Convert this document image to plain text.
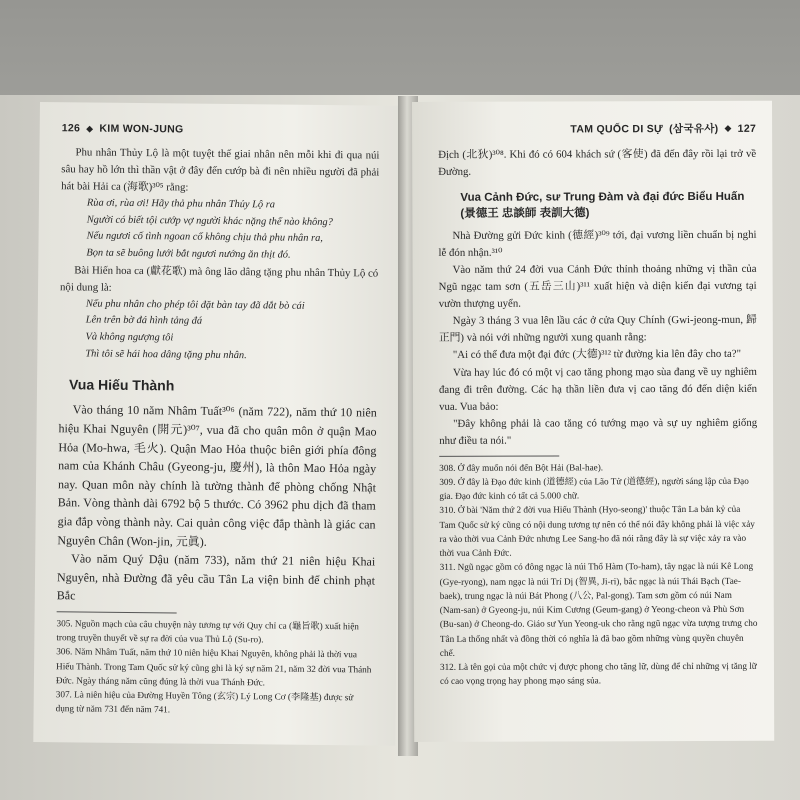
126 ◆ KIM WON-JUNG

Phu nhân Thủy Lộ là một tuyệt thế giai nhân nên mỗi khi đi qua núi sâu hay hồ lớn thì thần vật ở đây đến cướp bà đi nên nhiều người đã phải hát bài Hải ca (海歌)³⁰⁵ rằng:

Rùa ơi, rùa ơi! Hãy thả phu nhân Thủy Lộ ra
Người có biết tội cướp vợ người khác nặng thế nào không?
Nếu ngươi cố tình ngoan cố không chịu thả phu nhân ra,
Bọn ta sẽ buông lưới bắt ngươi nướng ăn thịt đó.

Bài Hiến hoa ca (獻花歌) mà ông lão dâng tặng phu nhân Thủy Lộ có nội dung là:

Nếu phu nhân cho phép tôi đặt bàn tay đã dắt bò cái
Lên trên bờ đá hình tảng đá
Và không ngượng tôi
Thì tôi sẽ hái hoa dâng tặng phu nhân.
Vua Hiếu Thành

Vào tháng 10 năm Nhâm Tuất³⁰⁶ (năm 722), năm thứ 10 niên hiệu Khai Nguyên (開元)³⁰⁷, vua đã cho quân môn ở quận Mao Hỏa (Mo-hwa, 毛火). Quận Mao Hỏa thuộc biên giới phía đông nam của Khánh Châu (Gyeong-ju, 慶州), là thôn Mao Hỏa ngày nay. Quan môn này chính là tường thành để phòng chống Nhật Bản. Vòng thành dài 6792 bộ 5 thước. Có 3962 phu dịch đã tham gia đắp vòng thành này. Cai quản công việc đắp thành là giác can Nguyên Chân (Won-jin, 元眞).

Vào năm Quý Dậu (năm 733), năm thứ 21 niên hiệu Khai Nguyên, nhà Đường đã yêu cầu Tân La viện binh để chinh phạt Bắc

305. Nguồn mạch của câu chuyện này tương tự với Quy chỉ ca (龜旨歌) xuất hiện trong truyền thuyết về sự ra đời của vua Thủ Lộ (Su-ro).

306. Năm Nhâm Tuất, năm thứ 10 niên hiệu Khai Nguyên, không phải là thời vua Hiếu Thành. Trong Tam Quốc sử ký cũng ghi là ký sự năm 21, năm 32 đời vua Thánh Đức. Ngày tháng năm cũng đúng là thời vua Thánh Đức.

307. Là niên hiệu của Đường Huyền Tông (玄宗) Lý Long Cơ (李隆基) được sử dụng từ năm 731 đến năm 741.

TAM QUỐC DI SỰ (삼국유사) ◆ 127

Địch (北狄)³⁰⁸. Khi đó có 604 khách sứ (客使) đã đến đây rồi lại trở về Đường.

Vua Cảnh Đức, sư Trung Đàm và đại đức Biểu Huấn
(景德王 忠談師 表訓大德)

Nhà Đường gửi Đức kinh (德經)³⁰⁹ tới, đại vương liền chuẩn bị nghi lễ đón nhận.³¹⁰

Vào năm thứ 24 đời vua Cảnh Đức thỉnh thoảng những vị thần của Ngũ ngạc tam sơn (五岳三山)³¹¹ xuất hiện và diện kiến đại vương tại vườn thượng uyển.

Ngày 3 tháng 3 vua lên lầu các ở cửa Quy Chính (Gwi-jeong-mun, 歸正門) và nói với những người xung quanh rằng:

"Ai có thể đưa một đại đức (大德)³¹² từ đường kia lên đây cho ta?"

Vừa hay lúc đó có một vị cao tăng phong mạo sùa đang về uy nghiêm đang đi trên đường. Các hạ thần liền đưa vị cao tăng đó đến diện kiến vua. Vua bảo:

"Đây không phải là cao tăng có tướng mạo và sự uy nghiêm giống như điều ta nói."

308. Ở đây muốn nói đến Bột Hải (Bal-hae).

309. Ở đây là Đạo đức kinh (道德經) của Lão Tử (道德經), người sáng lập của Đạo gia. Đạo đức kinh có tất cả 5.000 chữ.

310. Ở bài 'Năm thứ 2 đời vua Hiếu Thành (Hyo-seong)' thuộc Tân La bản kỷ của Tam Quốc sử ký cũng có nội dung tương tự nên có thể nói đây không phải là việc xảy ra vào thời vua Cảnh Đức nhưng Lee Sang-ho đã nói rằng đây là sự việc xảy ra vào thời vua Cảnh Đức.

311. Ngũ ngạc gồm có đông ngạc là núi Thổ Hàm (To-ham), tây ngạc là núi Kê Long (Gye-ryong), nam ngạc là núi Trí Dị (智異, Ji-ri), bắc ngạc là núi Thái Bạch (Tae-baek), trung ngạc là núi Bát Phong (八公, Pal-gong). Tam sơn gồm có núi Nam (Nam-san) ở Gyeong-ju, núi Kim Cương (Geum-gang) ở Yeong-cheon và Phù Sơn (Bu-san) ở Cheong-do. Giáo sư Yun Yeong-uk cho rằng ngũ ngạc vừa tượng trưng cho Tân La thống nhất và đồng thời có nghĩa là đã bao gồm những vùng quyền chuyên chế.

312. Là tên gọi của một chức vị được phong cho tăng lữ, dùng để chỉ những vị tăng lữ có cao vọng trọng hay phong mạo sáng sủa.
